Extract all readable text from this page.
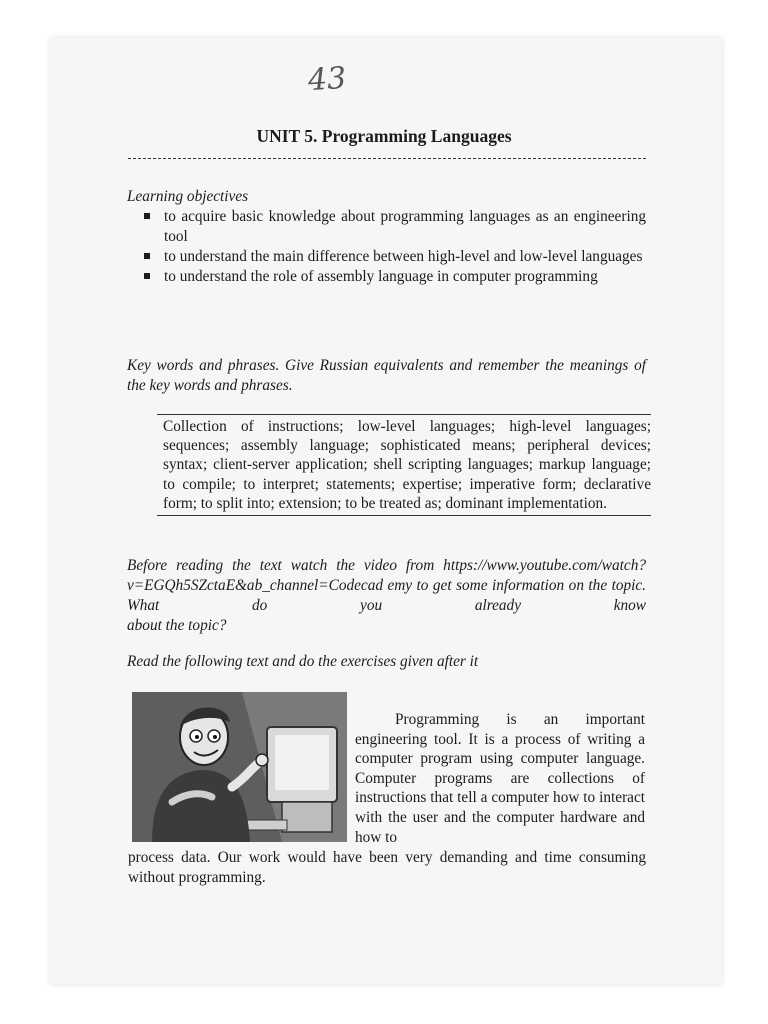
43
UNIT 5. Programming Languages
Learning objectives
to acquire basic knowledge about programming languages as an engineering tool
to understand the main difference between high-level and low-level languages
to understand the role of assembly language in computer programming
Key words and phrases. Give Russian equivalents and remember the meanings of the key words and phrases.
Collection of instructions; low-level languages; high-level languages; sequences; assembly language; sophisticated means; peripheral devices; syntax; client-server application; shell scripting languages; markup language; to compile; to interpret; statements; expertise; imperative form; declarative form; to split into; extension; to be treated as; dominant implementation.
Before reading the text watch the video from https://www.youtube.com/watch?v=EGQh5SZctaE&ab_channel=Codecad emy to get some information on the topic. What do you already know
about the topic?
Read the following text and do the exercises given after it
Programming is an important engineering tool. It is a process of writing a computer program using computer language. Computer programs are collections of instructions that tell a computer how to interact with the user and the computer hardware and how to
process data. Our work would have been very demanding and time consuming without programming.
